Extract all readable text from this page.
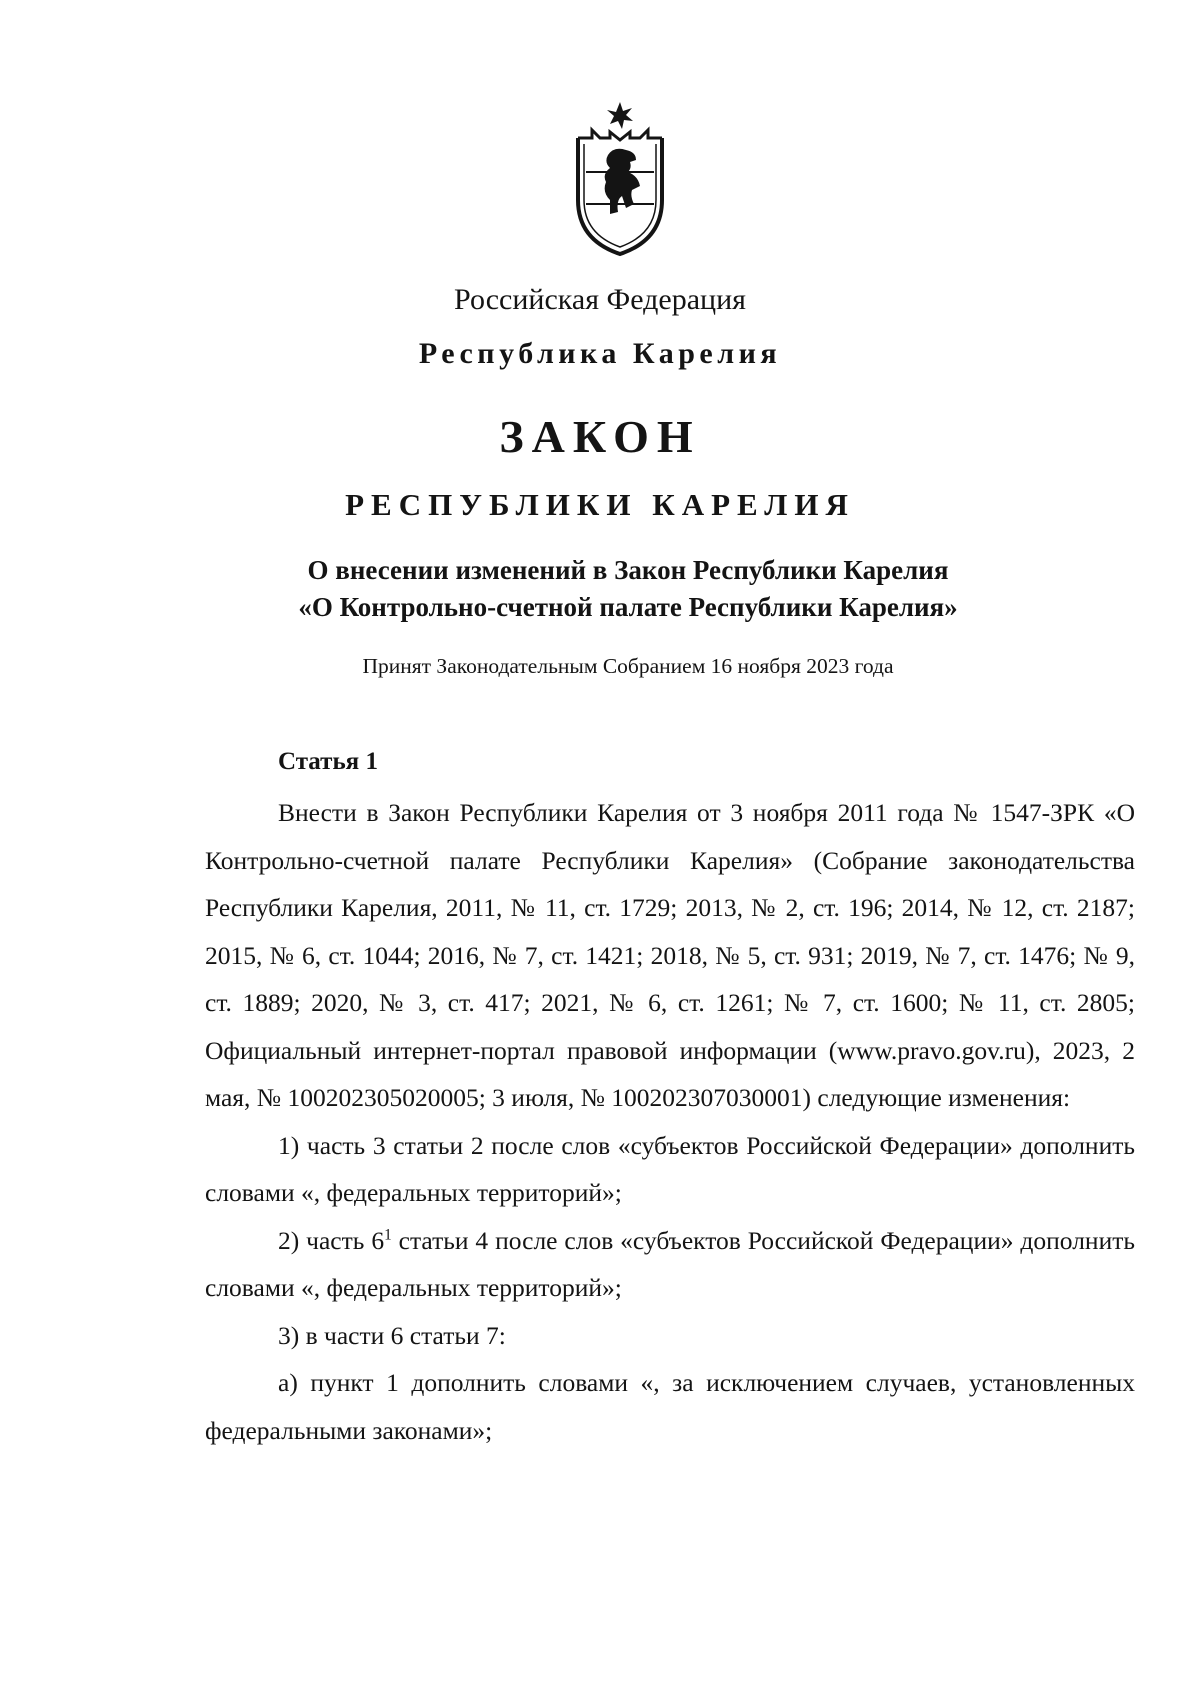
Российская Федерация
Республика Карелия
ЗАКОН
РЕСПУБЛИКИ КАРЕЛИЯ
О внесении изменений в Закон Республики Карелия
«О Контрольно-счетной палате Республики Карелия»
Принят Законодательным Собранием 16 ноября 2023 года
Статья 1

Внести в Закон Республики Карелия от 3 ноября 2011 года № 1547-ЗРК «О Контрольно-счетной палате Республики Карелия» (Собрание законодательства Республики Карелия, 2011, № 11, ст. 1729; 2013, № 2, ст. 196; 2014, № 12, ст. 2187; 2015, № 6, ст. 1044; 2016, № 7, ст. 1421; 2018, № 5, ст. 931; 2019, № 7, ст. 1476; № 9, ст. 1889; 2020, № 3, ст. 417; 2021, № 6, ст. 1261; № 7, ст. 1600; № 11, ст. 2805; Официальный интернет-портал правовой информации (www.pravo.gov.ru), 2023, 2 мая, № 100202305020005; 3 июля, № 100202307030001) следующие изменения:

1) часть 3 статьи 2 после слов «субъектов Российской Федерации» дополнить словами «, федеральных территорий»;

2) часть $6^1$ статьи 4 после слов «субъектов Российской Федерации» дополнить словами «, федеральных территорий»;

3) в части 6 статьи 7:

а) пункт 1 дополнить словами «, за исключением случаев, установленных федеральными законами»;
